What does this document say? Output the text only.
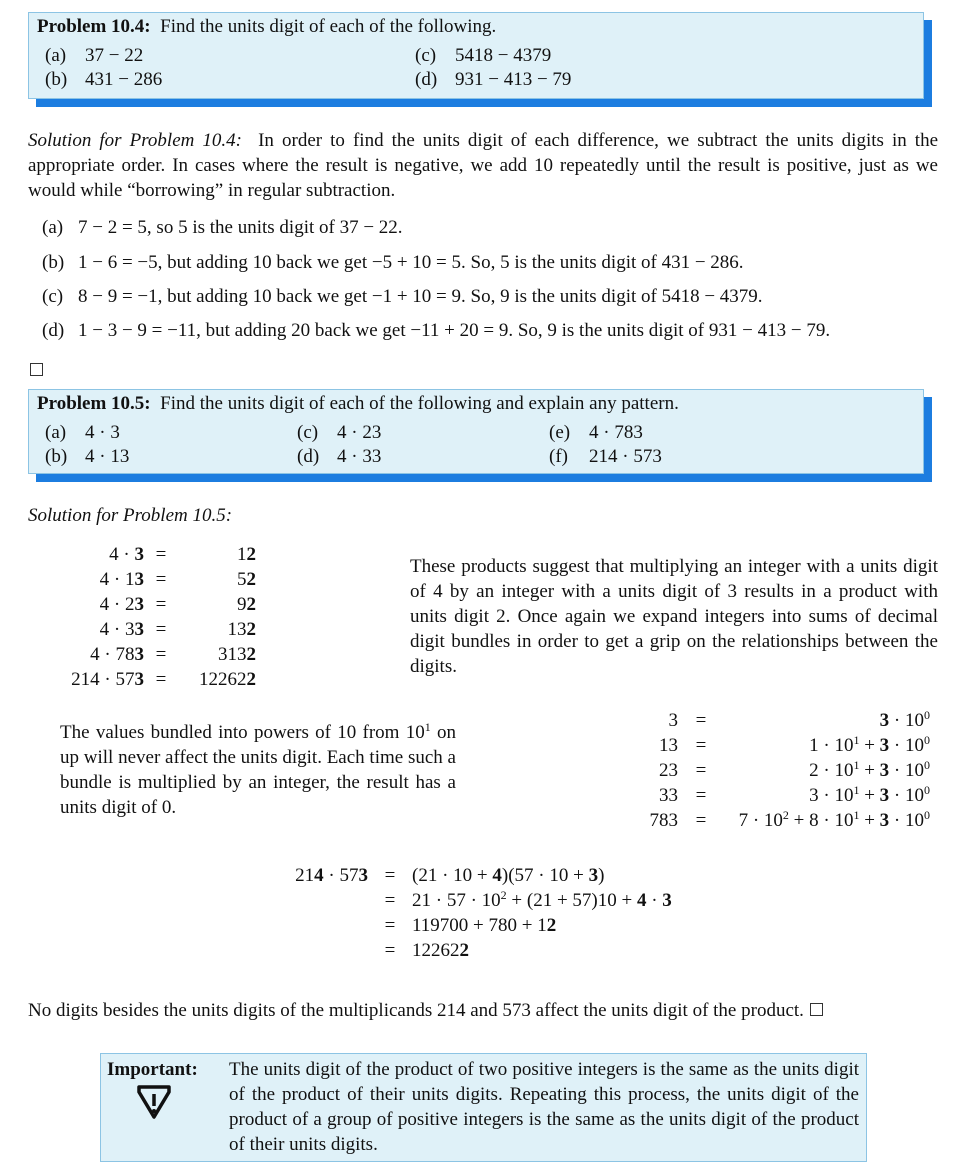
Problem 10.4: Find the units digit of each of the following.
(a) 37 − 22
(b) 431 − 286
(c) 5418 − 4379
(d) 931 − 413 − 79
Solution for Problem 10.4: In order to find the units digit of each difference, we subtract the units digits in the appropriate order. In cases where the result is negative, we add 10 repeatedly until the result is positive, just as we would while “borrowing” in regular subtraction.
(a) 7 − 2 = 5, so 5 is the units digit of 37 − 22.
(b) 1 − 6 = −5, but adding 10 back we get −5 + 10 = 5. So, 5 is the units digit of 431 − 286.
(c) 8 − 9 = −1, but adding 10 back we get −1 + 10 = 9. So, 9 is the units digit of 5418 − 4379.
(d) 1 − 3 − 9 = −11, but adding 20 back we get −11 + 20 = 9. So, 9 is the units digit of 931 − 413 − 79.
Problem 10.5: Find the units digit of each of the following and explain any pattern.
(a) 4 · 3
(b) 4 · 13
(c) 4 · 23
(d) 4 · 33
(e) 4 · 783
(f) 214 · 573
Solution for Problem 10.5:
4 · 3	=	12
4 · 13	=	52
4 · 23	=	92
4 · 33	=	132
4 · 783	=	3132
214 · 573	=	122622
These products suggest that multiplying an integer with a units digit of 4 by an integer with a units digit of 3 results in a product with units digit 2. Once again we expand integers into sums of decimal digit bundles in order to get a grip on the relationships between the digits.
The values bundled into powers of 10 from $10^1$ on up will never affect the units digit. Each time such a bundle is multiplied by an integer, the result has a units digit of 0.
3	=	$3 \cdot 10^0$
13	=	$1 \cdot 10^1 + 3 \cdot 10^0$
23	=	$2 \cdot 10^1 + 3 \cdot 10^0$
33	=	$3 \cdot 10^1 + 3 \cdot 10^0$
783	=	$7 \cdot 10^2 + 8 \cdot 10^1 + 3 \cdot 10^0$
214 · 573	=	(21 · 10 + 4)(57 · 10 + 3)
	=	$21 \cdot 57 \cdot 10^2 + (21 + 57)10 + 4 \cdot 3$
	=	119700 + 780 + 12
	=	122622
No digits besides the units digits of the multiplicands 214 and 573 affect the units digit of the product.
Important: The units digit of the product of two positive integers is the same as the units digit of the product of their units digits. Repeating this process, the units digit of the product of a group of positive integers is the same as the units digit of the product of their units digits.
